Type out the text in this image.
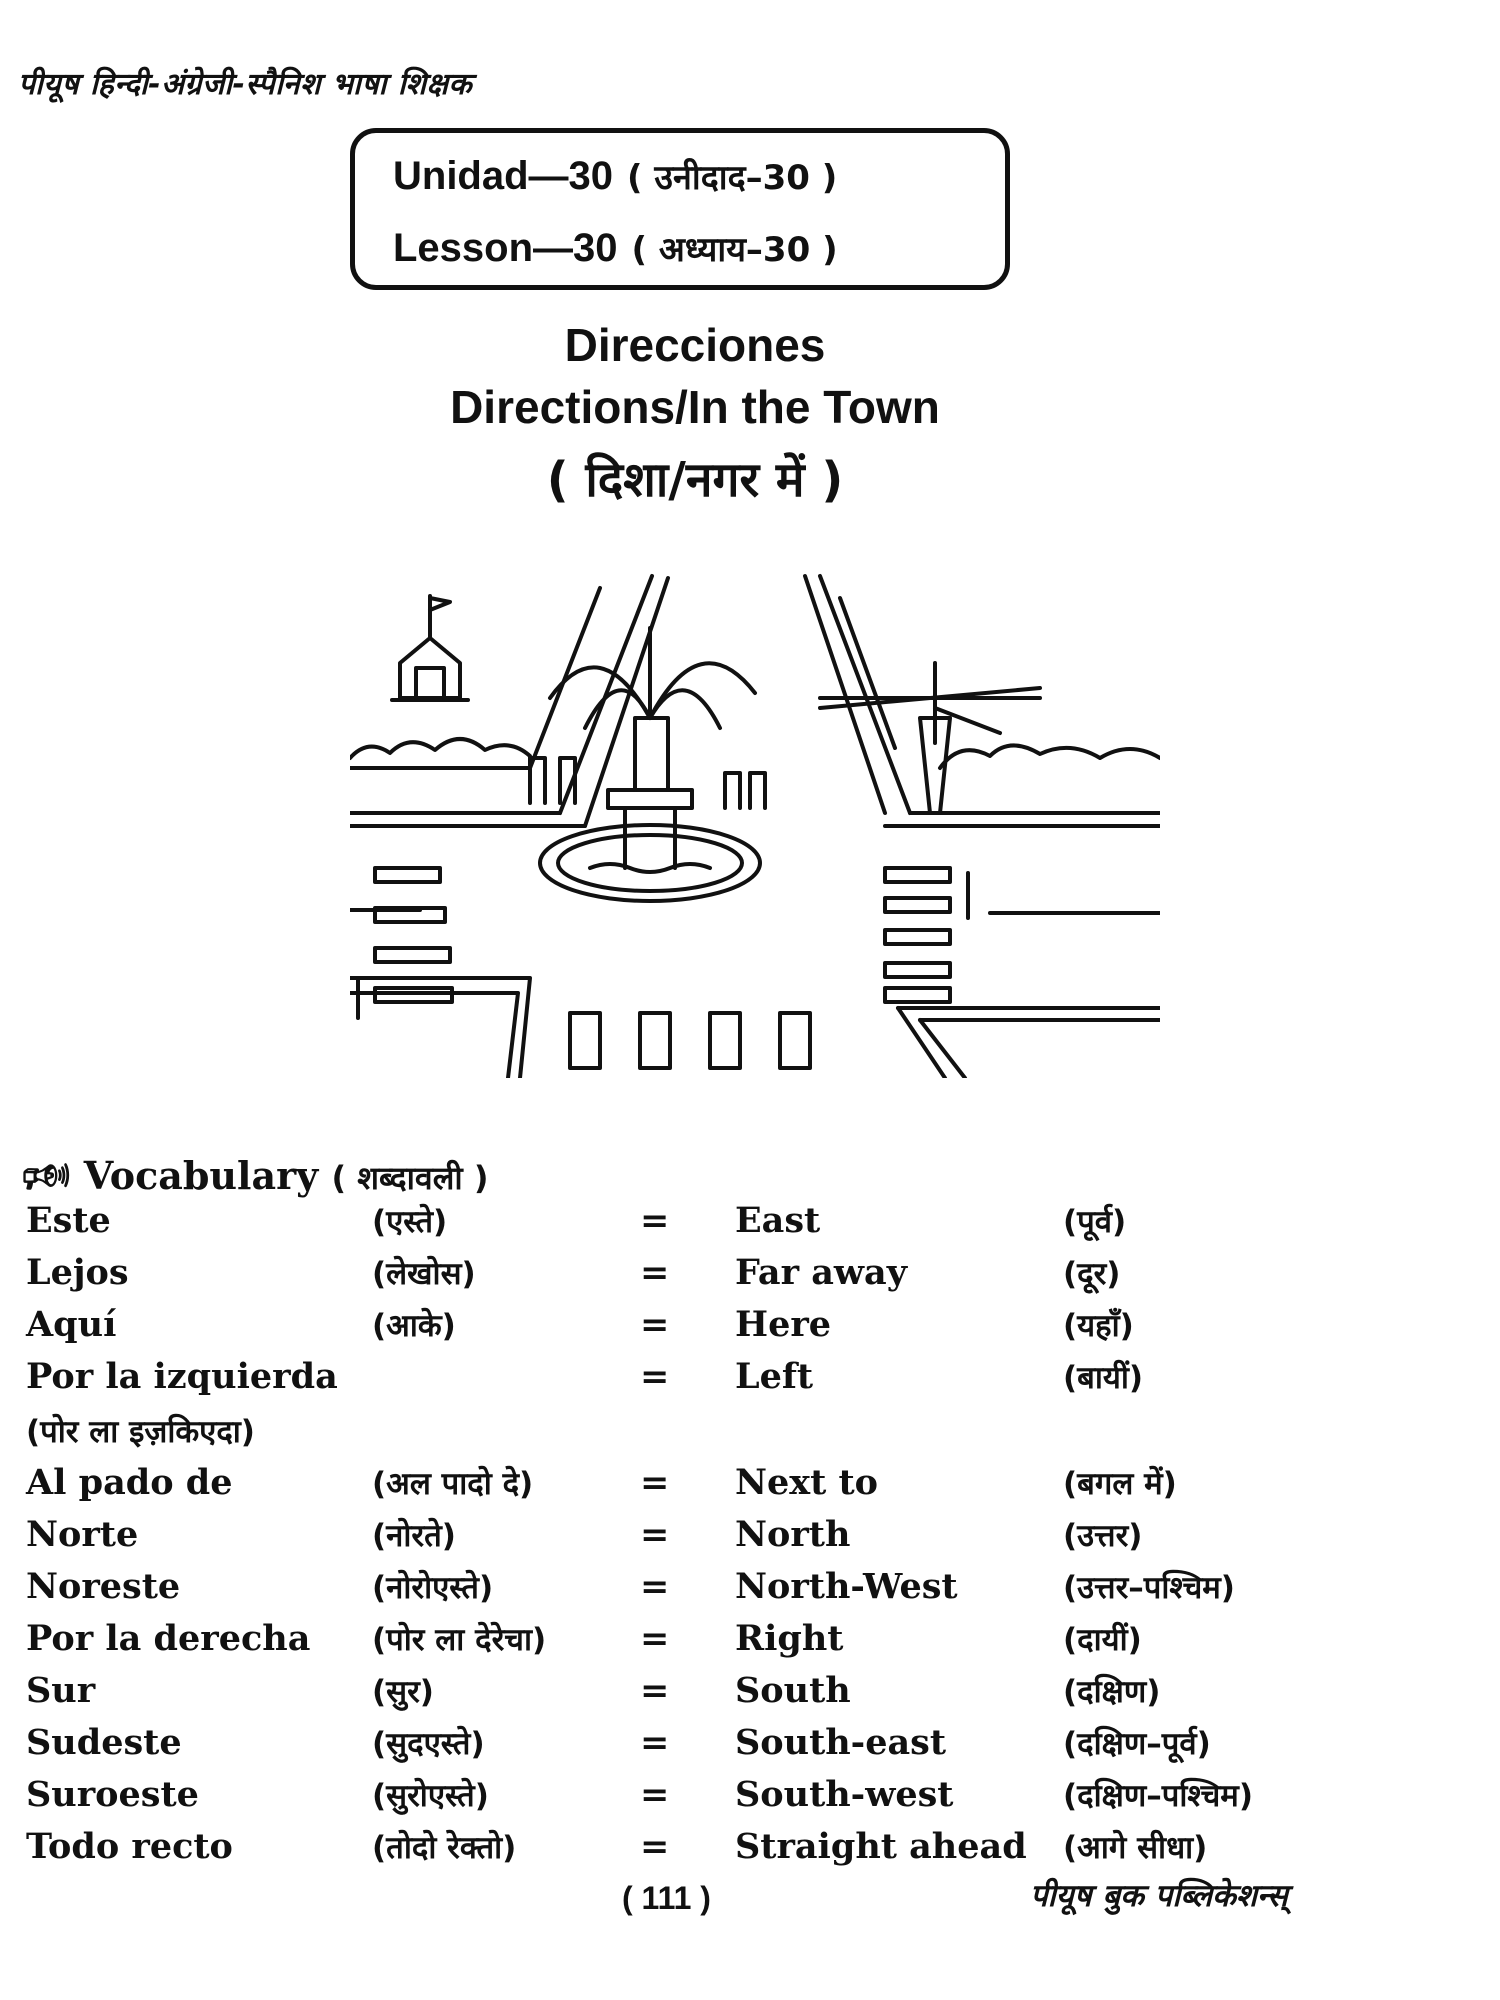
पीयूष हिन्दी-अंग्रेजी-स्पैनिश भाषा शिक्षक
Unidad—30 ( उनीदाद–30 )
Lesson—30 ( अध्याय–30 )
Direcciones
Directions/In the Town
( दिशा/नगर में )
🕬 Vocabulary ( शब्दावली )
Este	(एस्ते)	= East	(पूर्व)
Lejos	(लेखोस)	= Far away	(दूर)
Aquí	(आके)	= Here	(यहाँ)
Por la izquierda	= Left	(बायीं)
(पोर ला इज़किएदा)
Al pado de	(अल पादो दे)	= Next to	(बगल में)
Norte	(नोरते)	= North	(उत्तर)
Noreste	(नोरोएस्ते)	= North-West	(उत्तर–पश्चिम)
Por la derecha (पोर ला देरेचा)	= Right	(दायीं)
Sur	(सुर)	= South	(दक्षिण)
Sudeste	(सुदएस्ते)	= South-east	(दक्षिण–पूर्व)
Suroeste	(सुरोएस्ते)	= South-west	(दक्षिण–पश्चिम)
Todo recto	(तोदो रेक्तो)	= Straight ahead (आगे सीधा)
( 111 )	पीयूष बुक पब्लिकेशन्स्
